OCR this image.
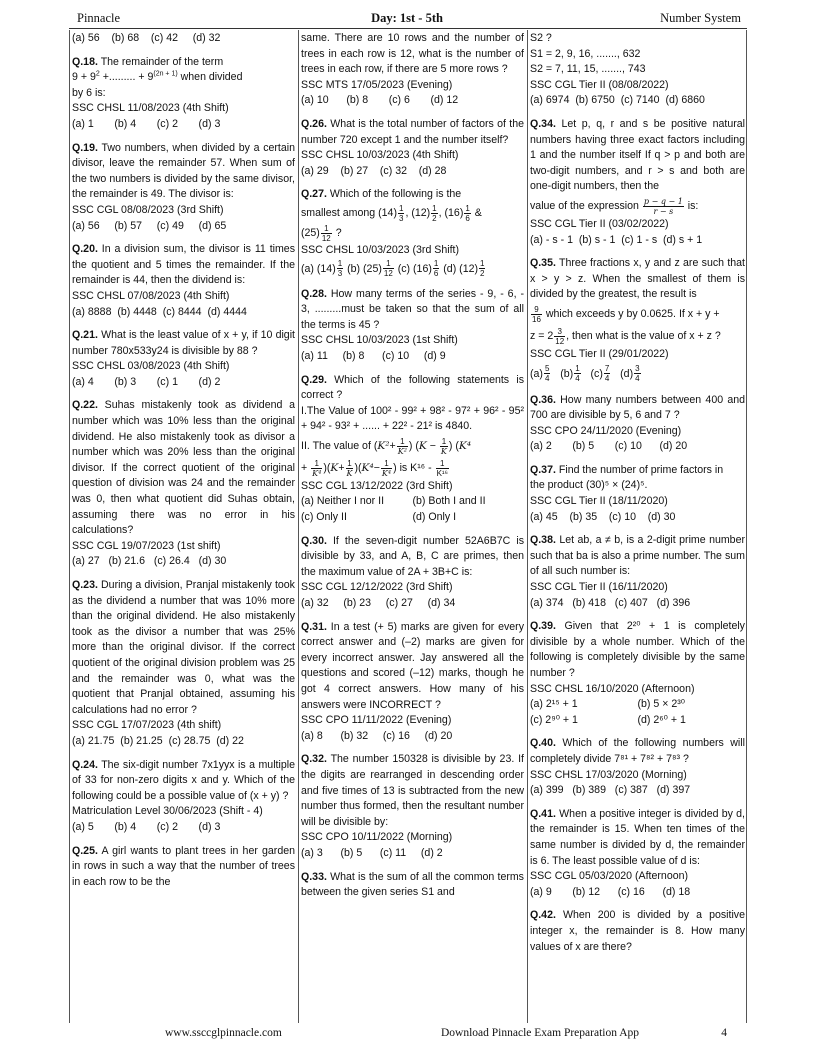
Pinnacle	Day: 1st - 5th	Number System
(a) 56    (b) 68    (c) 42     (d) 32

Q.18. The remainder of the term

$9 + 9^2$ +......... + $9^{(2n + 1)}$ when divided

by 6 is:

SSC CHSL 11/08/2023 (4th Shift)

(a) 1       (b) 4       (c) 2       (d) 3

Q.19. Two numbers, when divided by a certain divisor, leave the remainder 57. When sum of the two numbers is divided by the same divisor, the remainder is 49. The divisor is:

SSC CGL 08/08/2023 (3rd Shift)

(a) 56     (b) 57     (c) 49     (d) 65

Q.20. In a division sum, the divisor is 11 times the quotient and 5 times the remainder. If the remainder is 44, then the dividend is:

SSC CHSL 07/08/2023 (4th Shift)

(a) 8888  (b) 4448  (c) 8444  (d) 4444

Q.21. What is the least value of x + y, if 10 digit number 780x533y24 is divisible by 88 ?

SSC CHSL 03/08/2023 (4th Shift)

(a) 4       (b) 3       (c) 1       (d) 2

Q.22. Suhas mistakenly took as dividend a number which was 10% less than the original dividend. He also mistakenly took as divisor a number which was 20% less than the original divisor. If the correct quotient of the original question of division was 24 and the remainder was 0, then what quotient did Suhas obtain, assuming there was no error in his calculations?

SSC CGL 19/07/2023 (1st shift)

(a) 27   (b) 21.6   (c) 26.4   (d) 30

Q.23. During a division, Pranjal mistakenly took as the dividend a number that was 10% more than the original dividend. He also mistakenly took as the divisor a number that was 25% more than the original divisor. If the correct quotient of the original division problem was 25 and the remainder was 0, what was the quotient that Pranjal obtained, assuming his calculations had no error ?

SSC CGL 17/07/2023 (4th shift)

(a) 21.75  (b) 21.25  (c) 28.75  (d) 22

Q.24. The six-digit number 7x1yyx is a multiple of 33 for non-zero digits x and y. Which of the following could be a possible value of (x + y) ?

Matriculation Level 30/06/2023 (Shift - 4)

(a) 5       (b) 4       (c) 2       (d) 3

Q.25. A girl wants to plant trees in her garden in rows in such a way that the number of trees in each row to be the

same. There are 10 rows and the number of trees in each row is 12, what is the number of trees in each row, if there are 5 more rows ?

SSC MTS 17/05/2023 (Evening)

(a) 10      (b) 8       (c) 6       (d) 12

Q.26. What is the total number of factors of the number 720 except 1 and the number itself?

SSC CHSL 10/03/2023 (4th Shift)

(a) 29    (b) 27    (c) 32    (d) 28

Q.27. Which of the following is the

smallest among $(14) \frac{1}{3}$ , $(12) \frac{1}{2}$ , $(16) \frac{1}{6}$ &

$(25) \frac{1}{12}$ ?

SSC CHSL 10/03/2023 (3rd Shift)

(a) $(14) \frac{1}{3} (b)$ $(25) \frac{1}{12} (c)$ $(16) \frac{1}{6} (d)$ $(12) \frac{1}{2}$

Q.28. How many terms of the series - 9, - 6, - 3, .........must be taken so that the sum of all the terms is 45 ?

SSC CHSL 10/03/2023 (1st Shift)

(a) 11     (b) 8      (c) 10     (d) 9

Q.29. Which of the following statements is correct ?

I.The Value of 100² - 99² + 98² - 97² + 96² - 95² + 94² - 93² + ...... + 22² - 21² is 4840.

II. The value of ($K^2+ \frac{1}{\text{K²}}$ ) ($K - \frac{1}{K}$ ) (K⁴

+ $\frac{1}{\text{K⁴}} )(K+ \frac{1}{K} )(K^4- \frac{1}{\text{K⁴}}$ ) is $K^{16} - \frac{1}{\text{K¹⁶}}$

SSC CGL 13/12/2022 (3rd Shift)

(a) Neither I nor II	(b) Both I and II
(c) Only II	(d) Only I

Q.30. If the seven-digit number 52A6B7C is divisible by 33, and A, B, C are primes, then the maximum value of 2A + 3B+C is:

SSC CGL 12/12/2022 (3rd Shift)

(a) 32     (b) 23     (c) 27     (d) 34

Q.31. In a test (+ 5) marks are given for every correct answer and (–2) marks are given for every incorrect answer. Jay answered all the questions and scored (–12) marks, though he got 4 correct answers. How many of his answers were INCORRECT ?

SSC CPO 11/11/2022 (Evening)

(a) 8      (b) 32     (c) 16     (d) 20

Q.32. The number 150328 is divisible by 23. If the digits are rearranged in descending order and five times of 13 is subtracted from the new number thus formed, then the resultant number will be divisible by:

SSC CPO 10/11/2022 (Morning)

(a) 3      (b) 5      (c) 11     (d) 2

Q.33. What is the sum of all the common terms between the given series S1 and

S2 ?

S1 = 2, 9, 16, ......., 632

S2 = 7, 11, 15, ......., 743

SSC CGL Tier II (08/08/2022)

(a) 6974  (b) 6750  (c) 7140  (d) 6860

Q.34. Let p, q, r and s be positive natural numbers having three exact factors including 1 and the number itself If q > p and both are two-digit numbers, and r > s and both are one-digit numbers, then the

value of the expression $\frac{p - q - 1}{r - s}$ is:

SSC CGL Tier II (03/02/2022)

(a) - s - 1  (b) s - 1  (c) 1 - s  (d) s + 1

Q.35. Three fractions x, y and z are such that x > y > z. When the smallest of them is divided by the greatest, the result is

$\frac{9}{16}$ which exceeds y by 0.0625. If x + y +

$z = 2 \frac{3}{12}$ , then what is the value of x + z ?

SSC CGL Tier II (29/01/2022)

$(a) \frac{5}{4} (b) \frac{1}{4} (c) \frac{7}{4} (d) \frac{3}{4}$

Q.36. How many numbers between 400 and 700 are divisible by 5, 6 and 7 ?

SSC CPO 24/11/2020 (Evening)

(a) 2       (b) 5       (c) 10      (d) 20

Q.37. Find the number of prime factors in

the product (30)⁵ × (24)⁵.

SSC CGL Tier II (18/11/2020)

(a) 45    (b) 35    (c) 10    (d) 30

Q.38. Let ab, a ≠ b, is a 2-digit prime number such that ba is also a prime number. The sum of all such number is:

SSC CGL Tier II (16/11/2020)

(a) 374   (b) 418   (c) 407   (d) 396

Q.39. Given that 2²⁰ + 1 is completely divisible by a whole number. Which of the following is completely divisible by the same number ?

SSC CHSL 16/10/2020 (Afternoon)

(a) 2¹⁵ + 1	(b) 5 × 2³⁰
(c) 2⁹⁰ + 1	(d) 2⁶⁰ + 1

Q.40. Which of the following numbers will completely divide 7⁸¹ + 7⁸² + 7⁸³ ?

SSC CHSL 17/03/2020 (Morning)

(a) 399   (b) 389   (c) 387   (d) 397

Q.41. When a positive integer is divided by d, the remainder is 15. When ten times of the same number is divided by d, the remainder is 6. The least possible value of d is:

SSC CGL 05/03/2020 (Afternoon)

(a) 9       (b) 12      (c) 16      (d) 18

Q.42. When 200 is divided by a positive integer x, the remainder is 8. How many values of x are there?

www.ssccglpinnacle.com	Download Pinnacle Exam Preparation App	4
